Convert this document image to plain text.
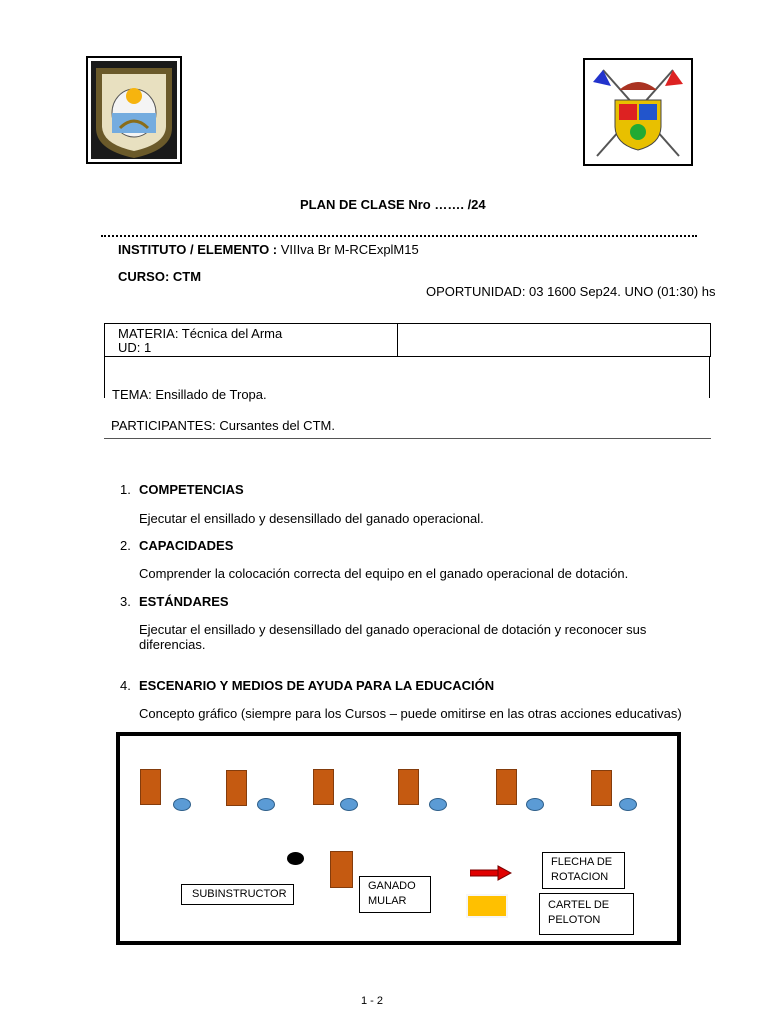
PLAN DE CLASE Nro ……. /24
INSTITUTO / ELEMENTO : VIIIva Br M-RCExplM15
CURSO: CTM
OPORTUNIDAD: 03 1600 Sep24. UNO (01:30) hs
MATERIA: Técnica del Arma
UD: 1
TEMA: Ensillado de Tropa.
PARTICIPANTES: Cursantes del CTM.
1. COMPETENCIAS
Ejecutar el ensillado y desensillado del ganado operacional.
2. CAPACIDADES
Comprender la colocación correcta del equipo en el ganado operacional de dotación.
3. ESTÁNDARES
Ejecutar el ensillado y desensillado del ganado operacional de dotación y reconocer sus
diferencias.
4. ESCENARIO Y MEDIOS DE AYUDA PARA LA EDUCACIÓN
Concepto gráfico (siempre para los Cursos – puede omitirse en las otras acciones educativas)
SUBINSTRUCTOR
GANADO
MULAR
FLECHA DE
ROTACION
CARTEL DE
PELOTON
1 - 2
